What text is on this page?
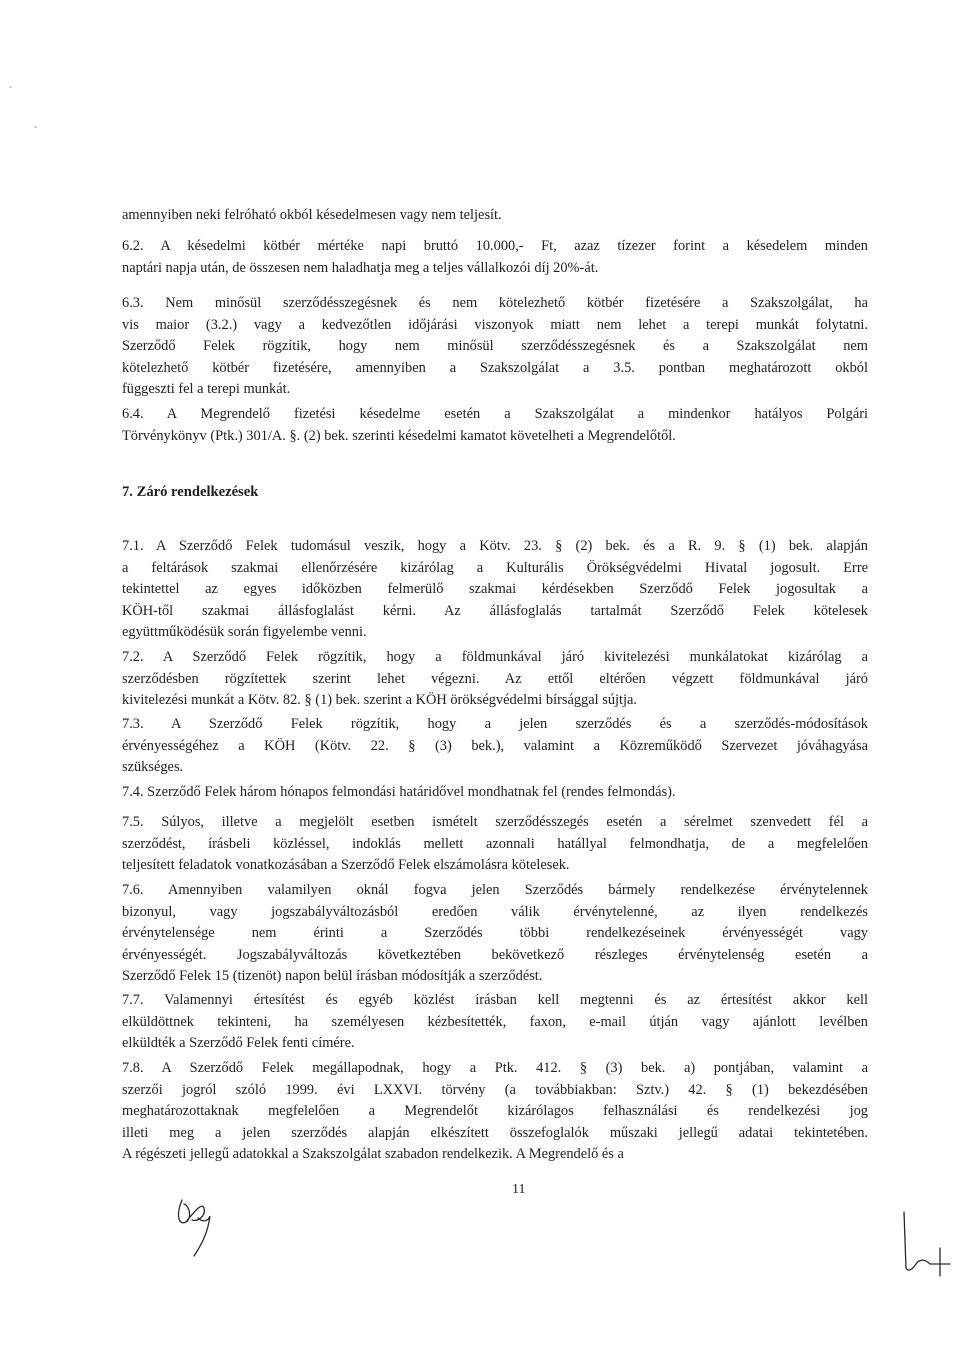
amennyiben neki felróható okból késedelmesen vagy nem teljesít.
6.2. A késedelmi kötbér mértéke napi bruttó 10.000,- Ft, azaz tízezer forint a késedelem minden
naptári napja után, de összesen nem haladhatja meg a teljes vállalkozói díj 20%-át.
6.3. Nem minősül szerződésszegésnek és nem kötelezhető kötbér fizetésére a Szakszolgálat, ha
vis maior (3.2.) vagy a kedvezőtlen időjárási viszonyok miatt nem lehet a terepi munkát folytatni.
Szerződő Felek rögzítik, hogy nem minősül szerződésszegésnek és a Szakszolgálat nem
kötelezhető kötbér fizetésére, amennyiben a Szakszolgálat a 3.5. pontban meghatározott okból
függeszti fel a terepi munkát.
6.4. A Megrendelő fizetési késedelme esetén a Szakszolgálat a mindenkor hatályos Polgári
Törvénykönyv (Ptk.) 301/A. §. (2) bek. szerinti késedelmi kamatot követelheti a Megrendelőtől.
7. Záró rendelkezések
7.1. A Szerződő Felek tudomásul veszik, hogy a Kötv. 23. § (2) bek. és a R. 9. § (1) bek. alapján
a feltárások szakmai ellenőrzésére kizárólag a Kulturális Örökségvédelmi Hivatal jogosult. Erre
tekintettel az egyes időközben felmerülő szakmai kérdésekben Szerződő Felek jogosultak a
KÖH-től szakmai állásfoglalást kérni. Az állásfoglalás tartalmát Szerződő Felek kötelesek
együttműködésük során figyelembe venni.
7.2. A Szerződő Felek rögzítik, hogy a földmunkával járó kivitelezési munkálatokat kizárólag a
szerződésben rögzítettek szerint lehet végezni. Az ettől eltérően végzett földmunkával járó
kivitelezési munkát a Kötv. 82. § (1) bek. szerint a KÖH örökségvédelmi bírsággal sújtja.
7.3. A Szerződő Felek rögzítik, hogy a jelen szerződés és a szerződés-módosítások
érvényességéhez a KÖH (Kötv. 22. § (3) bek.), valamint a Közreműködő Szervezet jóváhagyása
szükséges.
7.4. Szerződő Felek három hónapos felmondási határidővel mondhatnak fel (rendes felmondás).
7.5. Súlyos, illetve a megjelölt esetben ismételt szerződésszegés esetén a sérelmet szenvedett fél a
szerződést, írásbeli közléssel, indoklás mellett azonnali hatállyal felmondhatja, de a megfelelően
teljesített feladatok vonatkozásában a Szerződő Felek elszámolásra kötelesek.
7.6. Amennyiben valamilyen oknál fogva jelen Szerződés bármely rendelkezése érvénytelennek
bizonyul, vagy jogszabályváltozásból eredően válik érvénytelenné, az ilyen rendelkezés
érvénytelensége nem érinti a Szerződés többi rendelkezéseinek érvényességét vagy
érvényességét. Jogszabályváltozás következtében bekövetkező részleges érvénytelenség esetén a
Szerződő Felek 15 (tizenöt) napon belül írásban módosítják a szerződést.
7.7. Valamennyi értesítést és egyéb közlést írásban kell megtenni és az értesítést akkor kell
elküldöttnek tekinteni, ha személyesen kézbesítették, faxon, e-mail útján vagy ajánlott levélben
elküldték a Szerződő Felek fenti címére.
7.8. A Szerződő Felek megállapodnak, hogy a Ptk. 412. § (3) bek. a) pontjában, valamint a
szerzői jogról szóló 1999. évi LXXVI. törvény (a továbbiakban: Sztv.) 42. § (1) bekezdésében
meghatározottaknak megfelelően a Megrendelőt kizárólagos felhasználási és rendelkezési jog
illeti meg a jelen szerződés alapján elkészített összefoglalók műszaki jellegű adatai tekintetében.
A régészeti jellegű adatokkal a Szakszolgálat szabadon rendelkezik. A Megrendelő és a
11
